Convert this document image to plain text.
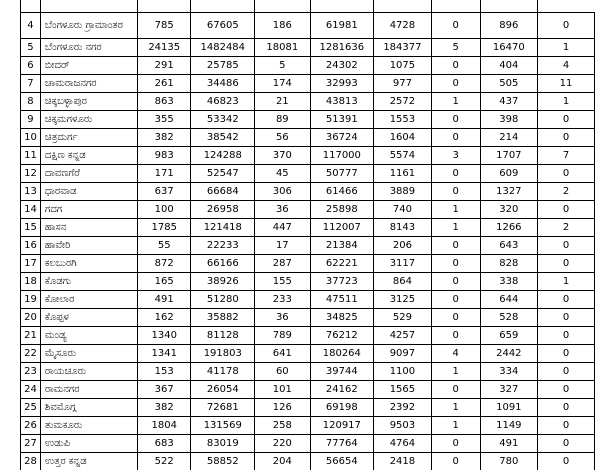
4	ಬೆಂಗಳೂರು ಗ್ರಾಮಾಂತರ	785	67605	186	61981	4728	0	896	0
5	ಬೆಂಗಳೂರು ನಗರ	24135	1482484	18081	1281636	184377	5	16470	1
6	ಬೀದರ್	291	25785	5	24302	1075	0	404	4
7	ಚಾಮರಾಜನಗರ	261	34486	174	32993	977	0	505	11
8	ಚಿಕ್ಕಬಳ್ಳಾಪುರ	863	46823	21	43813	2572	1	437	1
9	ಚಿಕ್ಕಮಗಳೂರು	355	53342	89	51391	1553	0	398	0
10	ಚಿತ್ರದುರ್ಗ	382	38542	56	36724	1604	0	214	0
11	ದಕ್ಷಿಣ ಕನ್ನಡ	983	124288	370	117000	5574	3	1707	7
12	ದಾವಣಗೆರೆ	171	52547	45	50777	1161	0	609	0
13	ಧಾರವಾಡ	637	66684	306	61466	3889	0	1327	2
14	ಗದಗ	100	26958	36	25898	740	1	320	0
15	ಹಾಸನ	1785	121418	447	112007	8143	1	1266	2
16	ಹಾವೇರಿ	55	22233	17	21384	206	0	643	0
17	ಕಲಬುರಗಿ	872	66166	287	62221	3117	0	828	0
18	ಕೊಡಗು	165	38926	155	37723	864	0	338	1
19	ಕೋಲಾರ	491	51280	233	47511	3125	0	644	0
20	ಕೊಪ್ಪಳ	162	35882	36	34825	529	0	528	0
21	ಮಂಡ್ಯ	1340	81128	789	76212	4257	0	659	0
22	ಮೈಸೂರು	1341	191803	641	180264	9097	4	2442	0
23	ರಾಯಚೂರು	153	41178	60	39744	1100	1	334	0
24	ರಾಮನಗರ	367	26054	101	24162	1565	0	327	0
25	ಶಿವಮೊಗ್ಗ	382	72681	126	69198	2392	1	1091	0
26	ತುಮಕೂರು	1804	131569	258	120917	9503	1	1149	0
27	ಉಡುಪಿ	683	83019	220	77764	4764	0	491	0
28	ಉತ್ತರ ಕನ್ನಡ	522	58852	204	56654	2418	0	780	0
